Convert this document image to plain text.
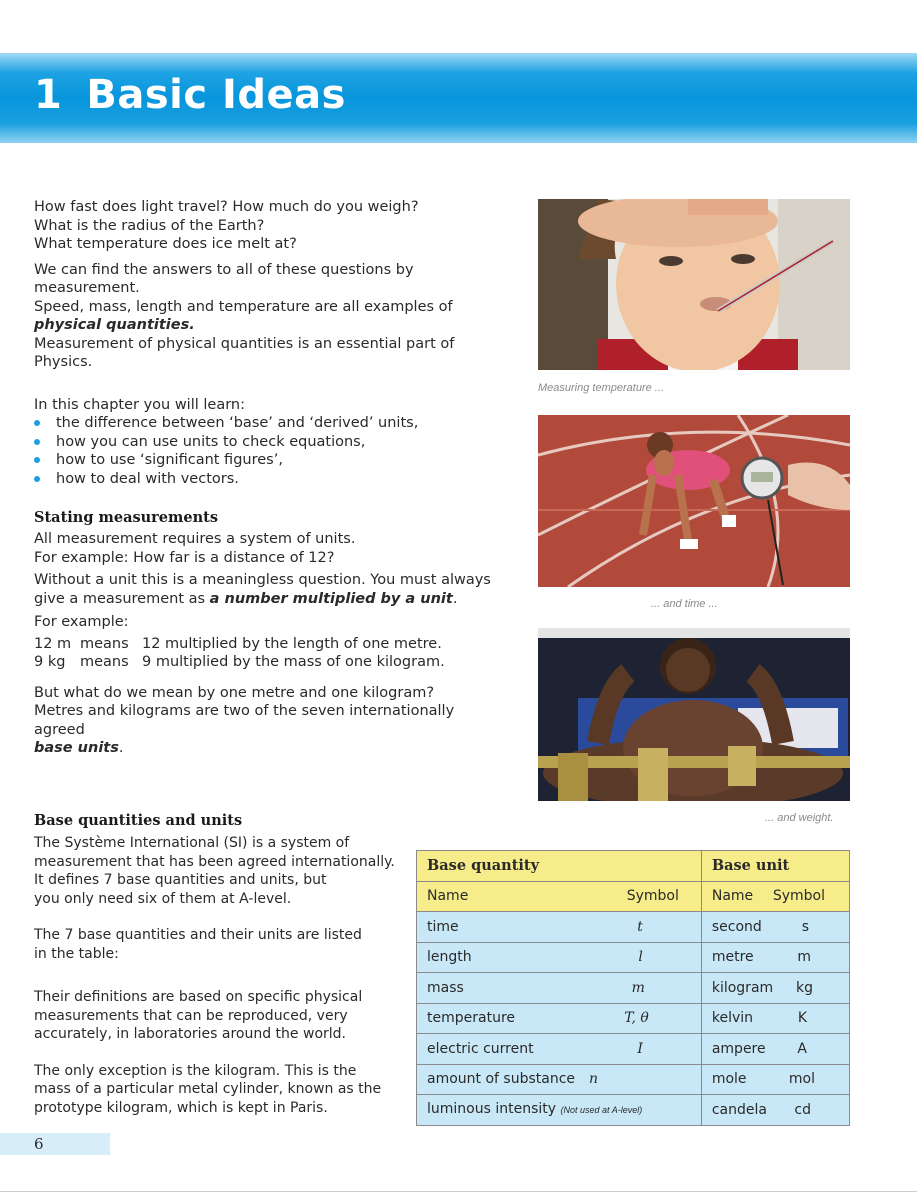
1 Basic Ideas

How fast does light travel? How much do you weigh?
What is the radius of the Earth?
What temperature does ice melt at?

We can find the answers to all of these questions by measurement.
Speed, mass, length and temperature are all examples of physical quantities.
Measurement of physical quantities is an essential part of Physics.

In this chapter you will learn:

the difference between ‘base’ and ‘derived’ units,
how you can use units to check equations,
how to use ‘significant figures’,
how to deal with vectors.
Stating measurements

All measurement requires a system of units.
For example: How far is a distance of 12?

Without a unit this is a meaningless question. You must always
give a measurement as a number multiplied by a unit.

For example:

12 m means 12 multiplied by the length of one metre.
9 kg means9 multiplied by the mass of one kilogram.

But what do we mean by one metre and one kilogram?
Metres and kilograms are two of the seven internationally agreed
base units.

Base quantities and units

The Système International (SI) is a system of
measurement that has been agreed internationally.
It defines 7 base quantities and units, but
you only need six of them at A-level.

The 7 base quantities and their units are listed
in the table:

Their definitions are based on specific physical
measurements that can be reproduced, very
accurately, in laboratories around the world.

The only exception is the kilogram. This is the
mass of a particular metal cylinder, known as the
prototype kilogram, which is kept in Paris.

Measuring temperature ...
... and time ...
... and weight.
Base quantity	Base unit
Name Symbol	Name Symbol

time t	second s

length l	metre m

mass m	kilogram kg

temperature T, θ	kelvin K

electric current I	ampere A

amount of substance n	mole mol

luminous intensity (Not used at A-level)	candela cd
6
